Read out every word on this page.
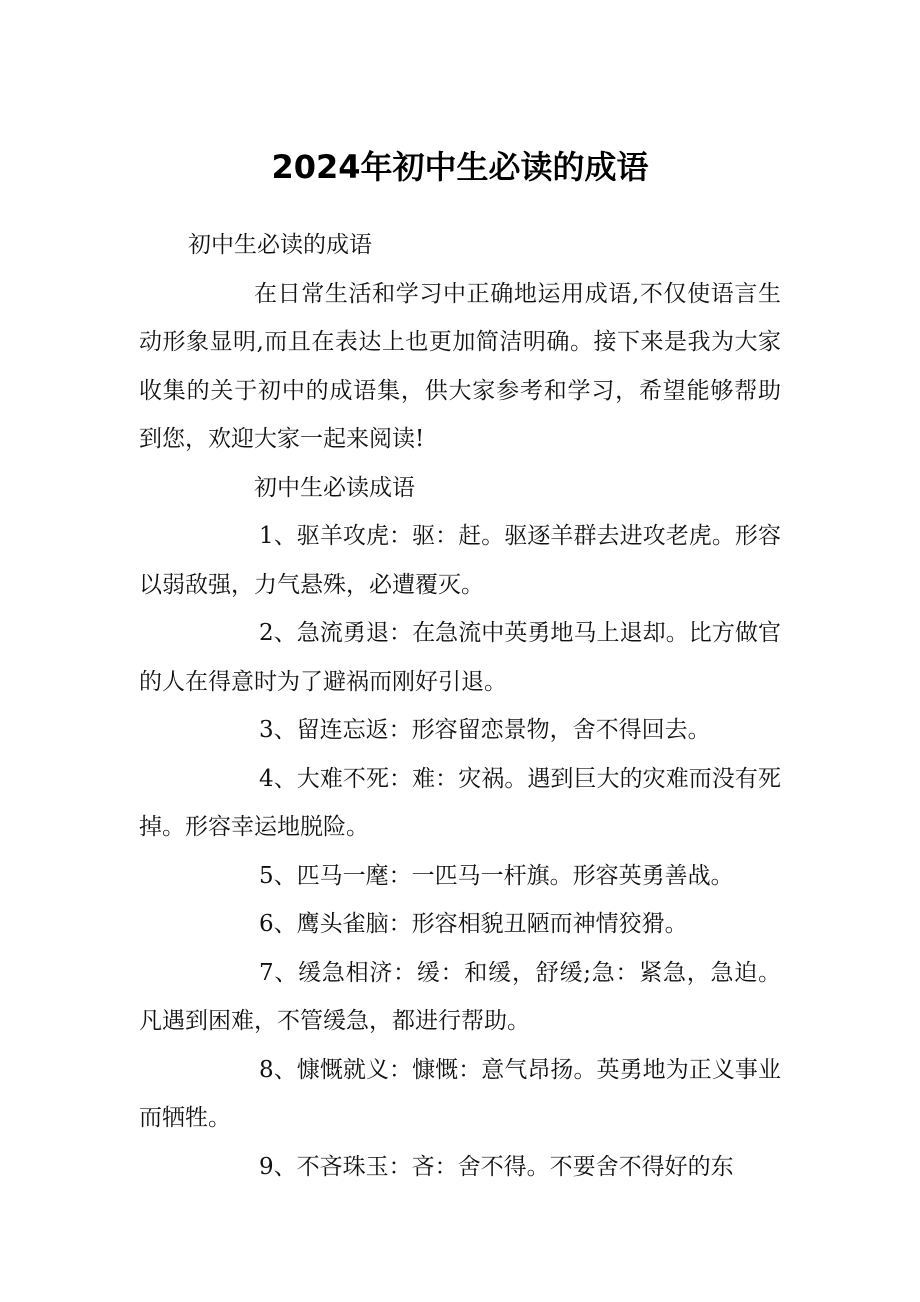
2024年初中生必读的成语

初中生必读的成语

在日常生活和学习中正确地运用成语,不仅使语言生动形象显明,而且在表达上也更加简洁明确。接下来是我为大家收集的关于初中的成语集，供大家参考和学习，希望能够帮助到您，欢迎大家一起来阅读!

初中生必读成语

1、驱羊攻虎：驱：赶。驱逐羊群去进攻老虎。形容以弱敌强，力气悬殊，必遭覆灭。

2、急流勇退：在急流中英勇地马上退却。比方做官的人在得意时为了避祸而刚好引退。

3、留连忘返：形容留恋景物，舍不得回去。

4、大难不死：难：灾祸。遇到巨大的灾难而没有死掉。形容幸运地脱险。

5、匹马一麾：一匹马一杆旗。形容英勇善战。

6、鹰头雀脑：形容相貌丑陋而神情狡猾。

7、缓急相济：缓：和缓，舒缓;急：紧急，急迫。凡遇到困难，不管缓急，都进行帮助。

8、慷慨就义：慷慨：意气昂扬。英勇地为正义事业而牺牲。

9、不吝珠玉：吝：舍不得。不要舍不得好的东
